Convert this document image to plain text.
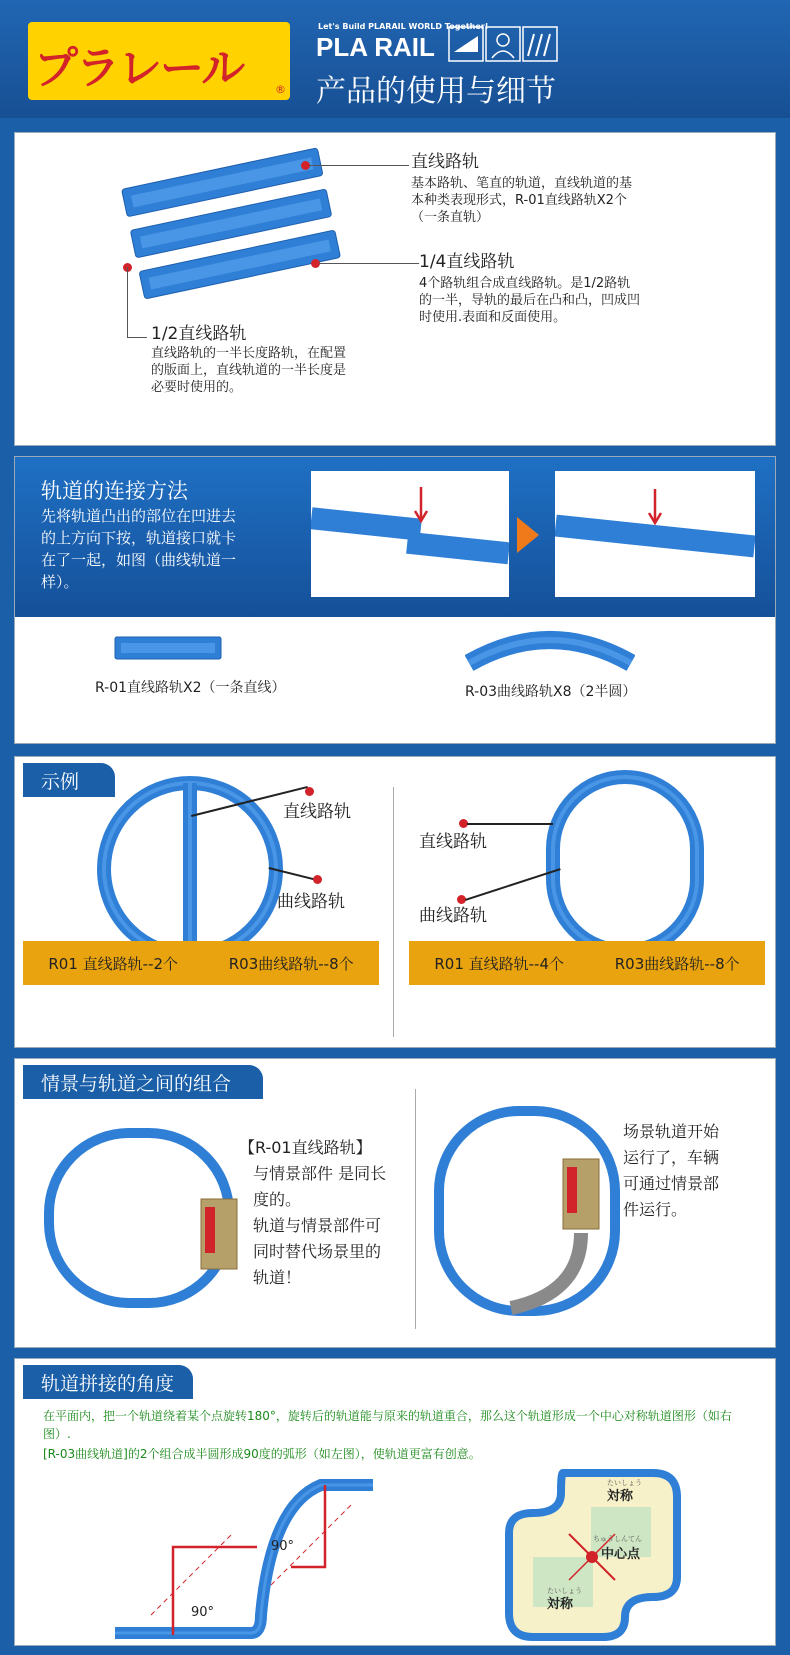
プラレール	®
Let's Build PLARAIL WORLD Together!
PLA RAIL
产品的使用与细节
直线路轨
基本路轨、笔直的轨道，直线轨道的基本种类表现形式，R-01直线路轨X2个（一条直轨）
1/4直线路轨
4个路轨组合成直线路轨。是1/2路轨的一半，导轨的最后在凸和凸，凹成凹时使用.表面和反面使用。
1/2直线路轨
直线路轨的一半长度路轨，在配置的版面上，直线轨道的一半长度是必要时使用的。
轨道的连接方法
先将轨道凸出的部位在凹进去的上方向下按，轨道接口就卡在了一起，如图（曲线轨道一样）。
R-01直线路轨X2（一条直线）	R-03曲线路轨X8（2半圆）
示例
直线路轨
曲线路轨
R01 直线路轨--2个	R03曲线路轨--8个
直线路轨
曲线路轨
R01 直线路轨--4个	R03曲线路轨--8个
情景与轨道之间的组合
【R-01直线路轨】
与情景部件 是同长
度的。
轨道与情景部件可
同时替代场景里的
轨道！
场景轨道开始
运行了，车辆
可通过情景部
件运行。
轨道拼接的角度
在平面内，把一个轨道绕着某个点旋转180°，旋转后的轨道能与原来的轨道重合，那么这个轨道形成一个中心对称轨道图形（如右图）.
[R-03曲线轨道]的2个组合成半圆形成90度的弧形（如左图），使轨道更富有创意。
90°
90°
たいしょう
対称
ちゅうしんてん
中心点
たいしょう
対称
